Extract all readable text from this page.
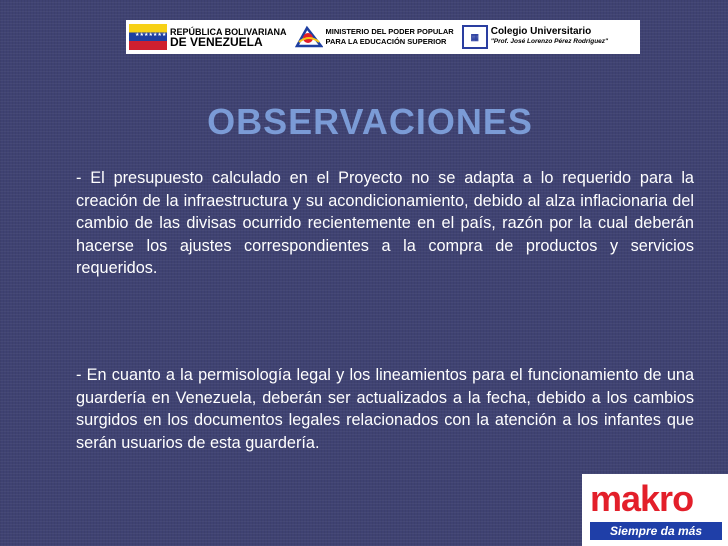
★★★★★★★★ REPÚBLICA BOLIVARIANA
DE VENEZUELA
MINISTERIO DEL PODER POPULAR
PARA LA EDUCACIÓN SUPERIOR	▦	Colegio Universitario
"Prof. José Lorenzo Pérez Rodríguez"
OBSERVACIONES

- El presupuesto calculado en el Proyecto no se adapta a lo requerido para la creación de la infraestructura y su acondicionamiento, debido al alza inflacionaria del cambio de las divisas ocurrido recientemente en el país, razón por la cual deberán hacerse los ajustes correspondientes a la compra de productos y servicios requeridos.

- En cuanto a la permisología legal y los lineamientos para el funcionamiento de una guardería en Venezuela, deberán ser actualizados a la fecha, debido a los cambios surgidos en los documentos legales relacionados con la atención a los infantes que serán usuarios de esta guardería.

makro
Siempre da más
